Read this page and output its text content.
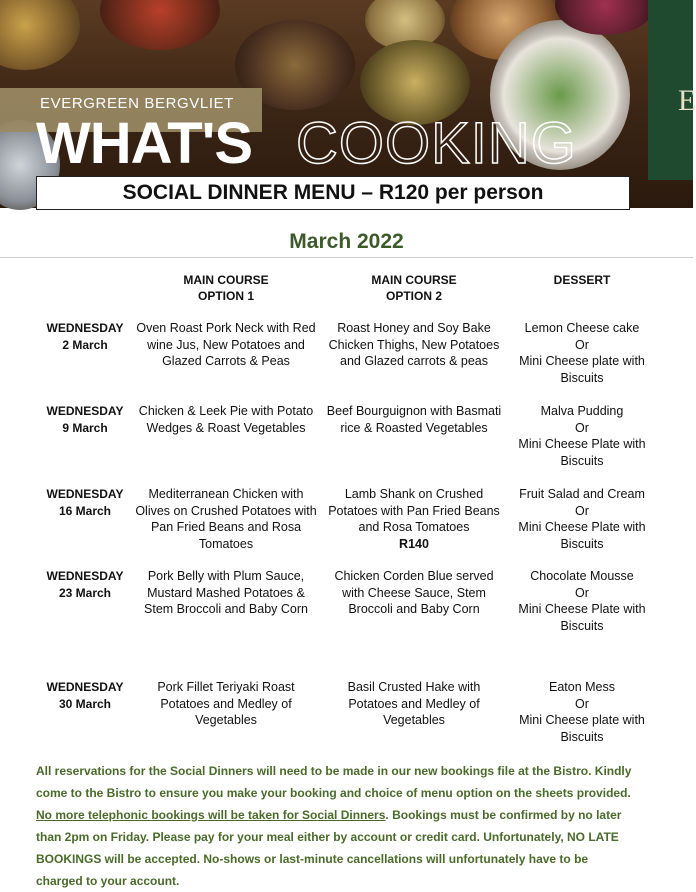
E
EVERGREEN BERGVLIET
WHAT'S COOKING
SOCIAL DINNER MENU – R120 per person
March 2022
MAIN COURSE
OPTION 1
MAIN COURSE
OPTION 2
DESSERT
WEDNESDAY
2 March
Oven Roast Pork Neck with Red wine Jus, New Potatoes and Glazed Carrots & Peas
Roast Honey and Soy Bake Chicken Thighs, New Potatoes and Glazed carrots & peas
Lemon Cheese cake
Or
Mini Cheese plate with Biscuits
WEDNESDAY
9 March
Chicken & Leek Pie with Potato Wedges & Roast Vegetables
Beef Bourguignon with Basmati rice & Roasted Vegetables
Malva Pudding
Or
Mini Cheese Plate with Biscuits
WEDNESDAY
16 March
Mediterranean Chicken with Olives on Crushed Potatoes with Pan Fried Beans and Rosa Tomatoes
Lamb Shank on Crushed Potatoes with Pan Fried Beans and Rosa Tomatoes
R140
Fruit Salad and Cream
Or
Mini Cheese Plate with Biscuits
WEDNESDAY
23 March
Pork Belly with Plum Sauce, Mustard Mashed Potatoes & Stem Broccoli and Baby Corn
Chicken Corden Blue served with Cheese Sauce, Stem Broccoli and Baby Corn
Chocolate Mousse
Or
Mini Cheese Plate with Biscuits
WEDNESDAY
30 March
Pork Fillet Teriyaki Roast Potatoes and Medley of Vegetables
Basil Crusted Hake with Potatoes and Medley of Vegetables
Eaton Mess
Or
Mini Cheese plate with Biscuits
All reservations for the Social Dinners will need to be made in our new bookings file at the Bistro. Kindly come to the Bistro to ensure you make your booking and choice of menu option on the sheets provided. No more telephonic bookings will be taken for Social Dinners. Bookings must be confirmed by no later than 2pm on Friday. Please pay for your meal either by account or credit card. Unfortunately, NO LATE BOOKINGS will be accepted. No-shows or last-minute cancellations will unfortunately have to be charged to your account.
